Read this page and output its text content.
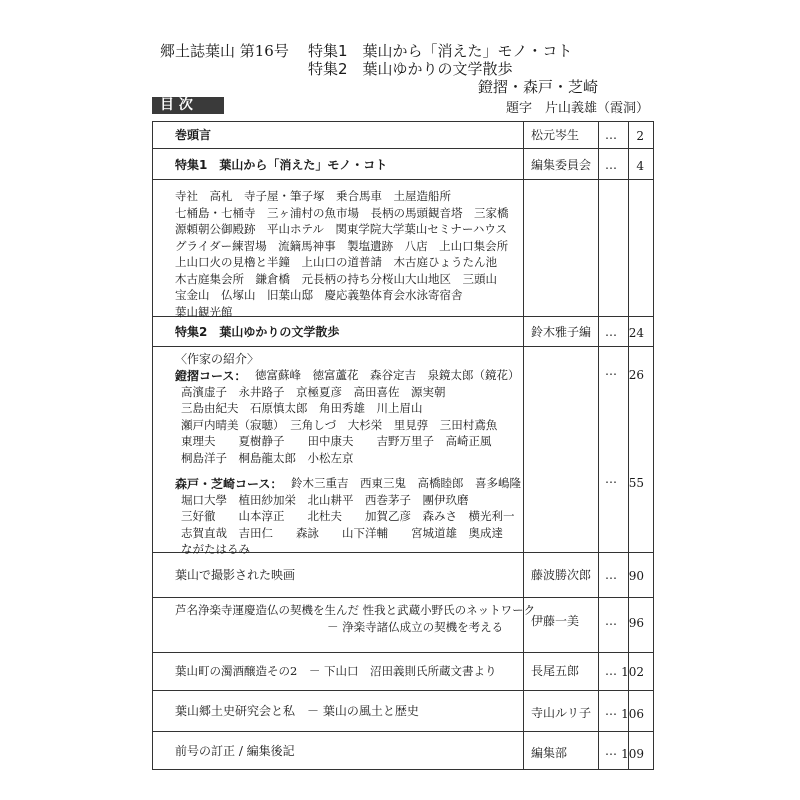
郷土誌葉山 第16号 特集1　葉山から「消えた」モノ・コト
特集2　葉山ゆかりの文学散歩
鐙摺・森戸・芝崎
目 次	題字　片山義雄（霞洞）
巻頭言	松元岑生 …	2
特集1　葉山から「消えた」モノ・コト	編集委員会 …	4
寺社　高札　寺子屋・筆子塚　乗合馬車　土屋造船所
七桶島・七桶寺　三ヶ浦村の魚市場　長柄の馬頭観音塔　三家橋
源頼朝公御殿跡　平山ホテル　関東学院大学葉山セミナーハウス
グライダー練習場　流鏑馬神事　製塩遺跡　八店　上山口集会所
上山口火の見櫓と半鐘　上山口の道普請　木古庭ひょうたん池
木古庭集会所　鎌倉橋　元長柄の持ち分桜山大山地区　三頭山
宝金山　仏塚山　旧葉山邸　慶応義塾体育会水泳寄宿舎
葉山観光館
特集2　葉山ゆかりの文学散歩	鈴木雅子編 … 24
〈作家の紹介〉
鐙摺コース： 徳富蘇峰　徳富蘆花　森谷定吉　泉鏡太郎（鏡花）
高濱虚子　永井路子　京極夏彦　高田喜佐　源実朝
三島由紀夫　石原慎太郎　角田秀雄　川上眉山
瀬戸内晴美（寂聴）　三角しづ　大杉栄　里見弴　三田村鳶魚
東理夫　　夏樹静子　　田中康夫　　吉野万里子　高崎正風
桐島洋子　桐島龍太郎　小松左京
… 26
森戸・芝崎コース： 鈴木三重吉　西東三鬼　高橋睦郎　喜多嶋隆
堀口大學　植田紗加栄　北山耕平　西巻茅子　團伊玖磨
三好徹　　山本淳正　　北杜夫　　加賀乙彦　森みさ　横光利一
志賀直哉　吉田仁　　森詠　　山下洋輔　　宮城道雄　奥成達
ながたはるみ
… 55
葉山で撮影された映画	藤波勝次郎 … 90
芦名浄楽寺運慶造仏の契機を生んだ 性我と武蔵小野氏のネットワーク
－ 浄楽寺諸仏成立の契機を考える 伊藤一美 … 96
葉山町の濁酒醸造その2　－ 下山口　沼田義則氏所蔵文書より	長尾五郎 … 102
葉山郷土史研究会と私　－ 葉山の風土と歴史	寺山ルリ子 … 106
前号の訂正 / 編集後記	編集部	… 109
